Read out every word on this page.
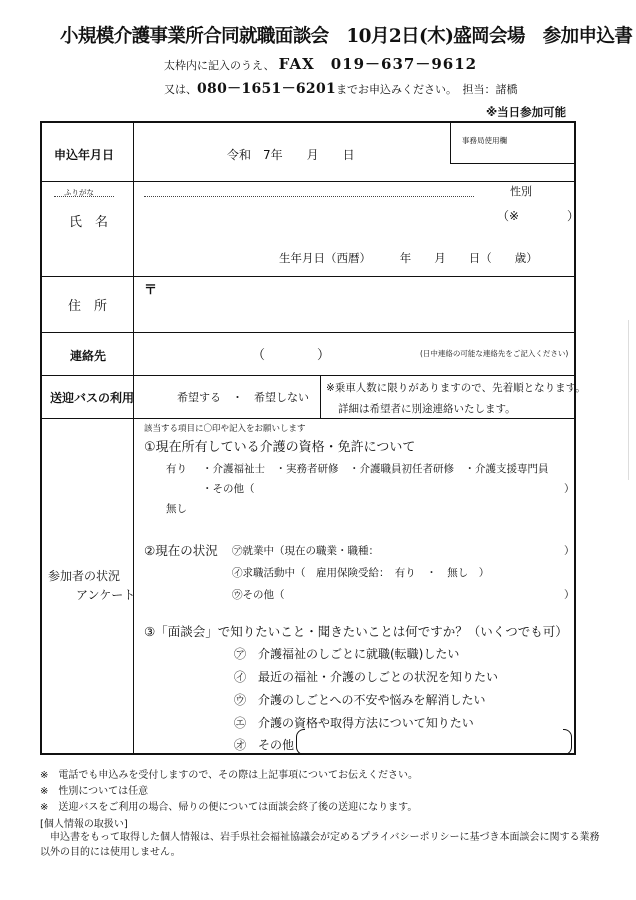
小規模介護事業所合同就職面談会　10月2日(木)盛岡会場　参加申込書
太枠内に記入のうえ、 FAX　019－637－9612
又は、080－1651－6201までお申込みください。　担当：諸橋
※当日参加可能
申込年月日	令和　7年　　月　　日
事務局使用欄
ふりがな
氏　名
性別
（※　　　　）
生年月日（西暦）　　　年　　月　　日（　　歳）
〒
住　所
連絡先	（　　　　）	(日中連絡の可能な連絡先をご記入ください)
送迎バスの利用	希望する　・　希望しない
※乗車人数に限りがありますので、先着順となります。
詳細は希望者に別途連絡いたします。
参加者の状況
アンケート
該当する項目に〇印や記入をお願いします
①現在所有している介護の資格・免許について
有り ・介護福祉士　・実務者研修　・介護職員初任者研修　・介護支援専門員
・その他（	）
無し
②現在の状況 ㋐就業中（現在の職業・職種：	）
㋑求職活動中（　雇用保険受給：　有り　・　無し　）
㋒その他（	）
③「面談会」で知りたいこと・聞きたいことは何ですか？（いくつでも可）
㋐　介護福祉のしごとに就職(転職)したい
㋑　最近の福祉・介護のしごとの状況を知りたい
㋒　介護のしごとへの不安や悩みを解消したい
㋓　介護の資格や取得方法について知りたい
㋔　その他
※　電話でも申込みを受付しますので、その際は上記事項についてお伝えください。
※　性別については任意
※　送迎バスをご利用の場合、帰りの便については面談会終了後の送迎になります。
[個人情報の取扱い]
　申込書をもって取得した個人情報は、岩手県社会福祉協議会が定めるプライバシーポリシーに基づき本面談会に関する業務以外の目的には使用しません。
